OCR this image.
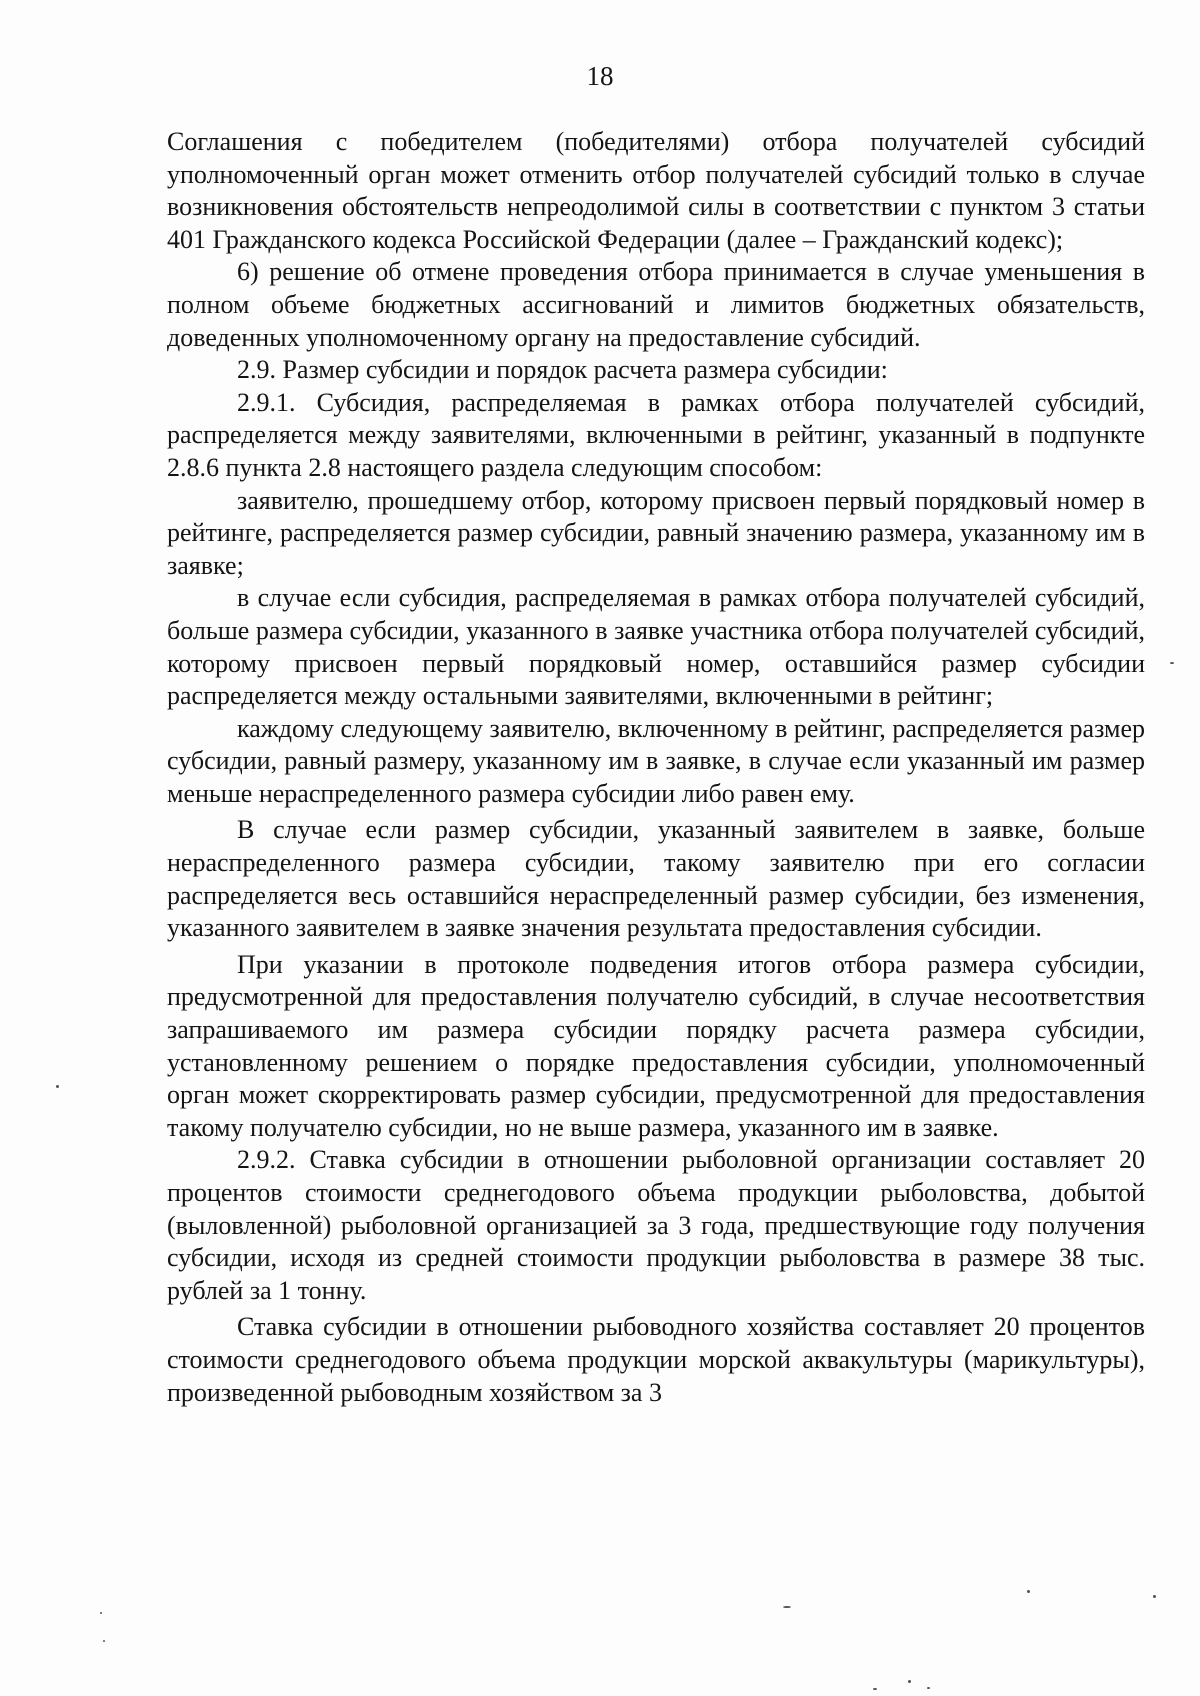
18

Соглашения с победителем (победителями) отбора получателей субсидий уполномоченный орган может отменить отбор получателей субсидий только в случае возникновения обстоятельств непреодолимой силы в соответствии с пунктом 3 статьи 401 Гражданского кодекса Российской Федерации (далее – Гражданский кодекс);

6) решение об отмене проведения отбора принимается в случае уменьшения в полном объеме бюджетных ассигнований и лимитов бюджетных обязательств, доведенных уполномоченному органу на предоставление субсидий.

2.9. Размер субсидии и порядок расчета размера субсидии:

2.9.1. Субсидия, распределяемая в рамках отбора получателей субсидий, распределяется между заявителями, включенными в рейтинг, указанный в подпункте 2.8.6 пункта 2.8 настоящего раздела следующим способом:

заявителю, прошедшему отбор, которому присвоен первый порядковый номер в рейтинге, распределяется размер субсидии, равный значению размера, указанному им в заявке;

в случае если субсидия, распределяемая в рамках отбора получателей субсидий, больше размера субсидии, указанного в заявке участника отбора получателей субсидий, которому присвоен первый порядковый номер, оставшийся размер субсидии распределяется между остальными заявителями, включенными в рейтинг;

каждому следующему заявителю, включенному в рейтинг, распределяется размер субсидии, равный размеру, указанному им в заявке, в случае если указанный им размер меньше нераспределенного размера субсидии либо равен ему.

В случае если размер субсидии, указанный заявителем в заявке, больше нераспределенного размера субсидии, такому заявителю при его согласии распределяется весь оставшийся нераспределенный размер субсидии, без изменения, указанного заявителем в заявке значения результата предоставления субсидии.

При указании в протоколе подведения итогов отбора размера субсидии, предусмотренной для предоставления получателю субсидий, в случае несоответствия запрашиваемого им размера субсидии порядку расчета размера субсидии, установленному решением о порядке предоставления субсидии, уполномоченный орган может скорректировать размер субсидии, предусмотренной для предоставления такому получателю субсидии, но не выше размера, указанного им в заявке.

2.9.2. Ставка субсидии в отношении рыболовной организации составляет 20 процентов стоимости среднегодового объема продукции рыболовства, добытой (выловленной) рыболовной организацией за 3 года, предшествующие году получения субсидии, исходя из средней стоимости продукции рыболовства в размере 38 тыс. рублей за 1 тонну.

Ставка субсидии в отношении рыбоводного хозяйства составляет 20 процентов стоимости среднегодового объема продукции морской аквакультуры (марикультуры), произведенной рыбоводным хозяйством за 3
